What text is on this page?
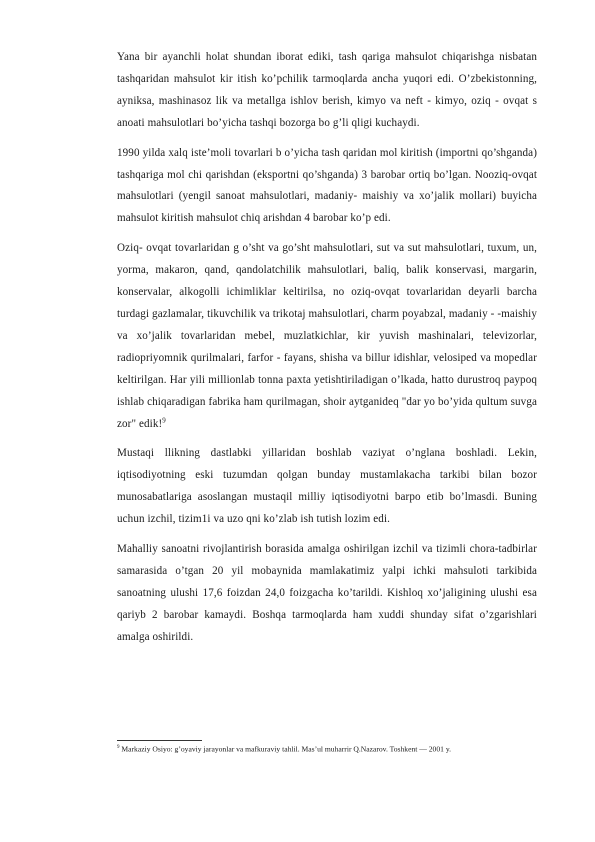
Yana bir ayanchli holat shundan iborat ediki, tash qariga mahsulot chiqarishga nisbatan tashqaridan mahsulot kir itish ko’pchilik tarmoqlarda ancha yuqori edi. O’zbekistonning, ayniksa, mashinasoz lik va metallga ishlov berish, kimyo va neft - kimyo, oziq - ovqat s anoati mahsulotlari bo’yicha tashqi bozorga bo g’li qligi kuchaydi.

1990 yilda xalq iste’moli tovarlari b o’yicha tash qaridan mol kiritish (importni qo’shganda) tashqariga mol chi qarishdan (eksportni qo’shganda) 3 barobar ortiq bo’lgan. Nooziq-ovqat mahsulotlari (yengil sanoat mahsulotlari, madaniy- maishiy va xo’jalik mollari) buyicha mahsulot kiritish mahsulot chiq arishdan 4 barobar ko’p edi.

Oziq- ovqat tovarlaridan g o’sht va go’sht mahsulotlari, sut va sut mahsulotlari, tuxum, un, yorma, makaron, qand, qandolatchilik mahsulotlari, baliq, balik konservasi, margarin, konservalar, alkogolli ichimliklar keltirilsa, no oziq-ovqat tovarlaridan deyarli barcha turdagi gazlamalar, tikuvchilik va trikotaj mahsulotlari, charm poyabzal, madaniy - -maishiy va xo’jalik tovarlaridan mebel, muzlatkichlar, kir yuvish mashinalari, televizorlar, radiopriyomnik qurilmalari, farfor - fayans, shisha va billur idishlar, velosiped va mopedlar keltirilgan. Har yili millionlab tonna paxta yetishtiriladigan o’lkada, hatto durustroq paypoq ishlab chiqaradigan fabrika ham qurilmagan, shoir aytganideq "dar yo bo’yida qultum suvga zor" edik!$^9$

Mustaqi llikning dastlabki yillaridan boshlab vaziyat o’nglana boshladi. Lekin, iqtisodiyotning eski tuzumdan qolgan bunday mustamlakacha tarkibi bilan bozor munosabatlariga asoslangan mustaqil milliy iqtisodiyotni barpo etib bo’lmasdi. Buning uchun izchil, tizim1i va uzo qni ko’zlab ish tutish lozim edi.

Mahalliy sanoatni rivojlantirish borasida amalga oshirilgan izchil va tizimli chora-tadbirlar samarasida o’tgan 20 yil mobaynida mamlakatimiz yalpi ichki mahsuloti tarkibida sanoatning ulushi 17,6 foizdan 24,0 foizgacha ko’tarildi. Kishloq xo’jaligining ulushi esa qariyb 2 barobar kamaydi. Boshqa tarmoqlarda ham xuddi shunday sifat o’zgarishlari amalga oshirildi.

$^9$ Markaziy Osiyo: g’oyaviy jarayonlar va mafkuraviy tahlil. Mas’ul muharrir Q.Nazarov. Toshkent — 2001 y.
